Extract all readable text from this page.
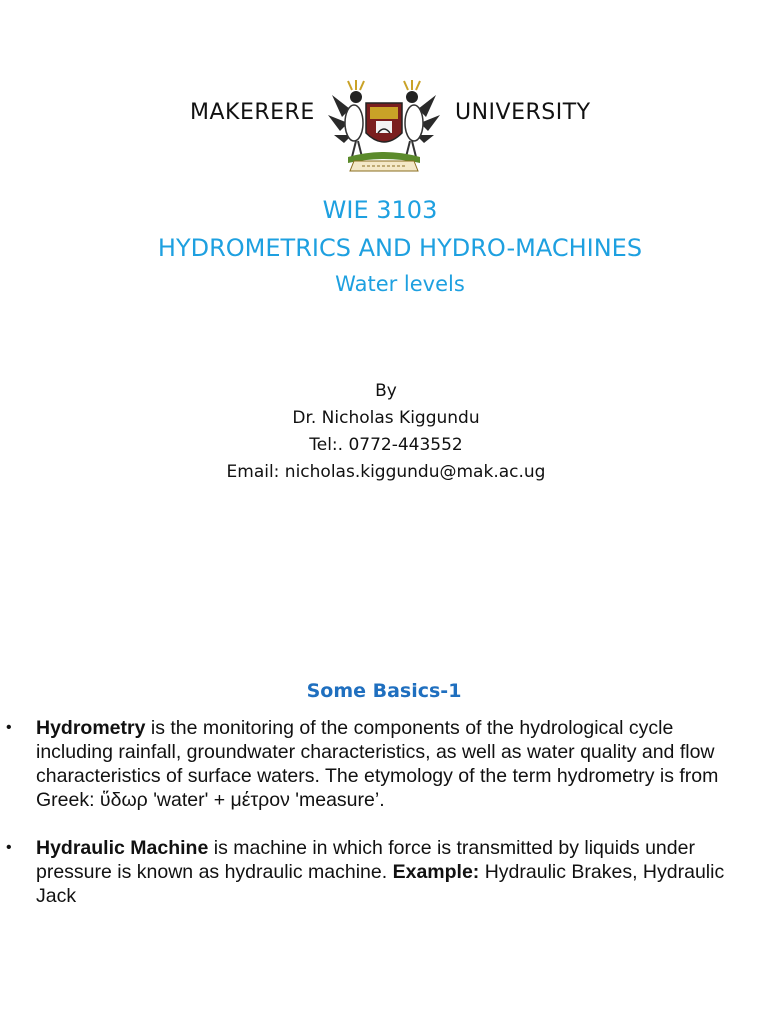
MAKERERE	UNIVERSITY
WIE 3103
HYDROMETRICS AND HYDRO-MACHINES
Water levels
By
Dr. Nicholas Kiggundu
Tel:. 0772-443552
Email: nicholas.kiggundu@mak.ac.ug
Some Basics-1
• Hydrometry is the monitoring of the components of the hydrological cycle including rainfall, groundwater characteristics, as well as water quality and flow characteristics of surface waters. The etymology of the term hydrometry is from Greek: ὕδωρ 'water' + μέτρον 'measure’.
• Hydraulic Machine is machine in which force is transmitted by liquids under pressure is known as hydraulic machine. Example: Hydraulic Brakes, Hydraulic Jack
